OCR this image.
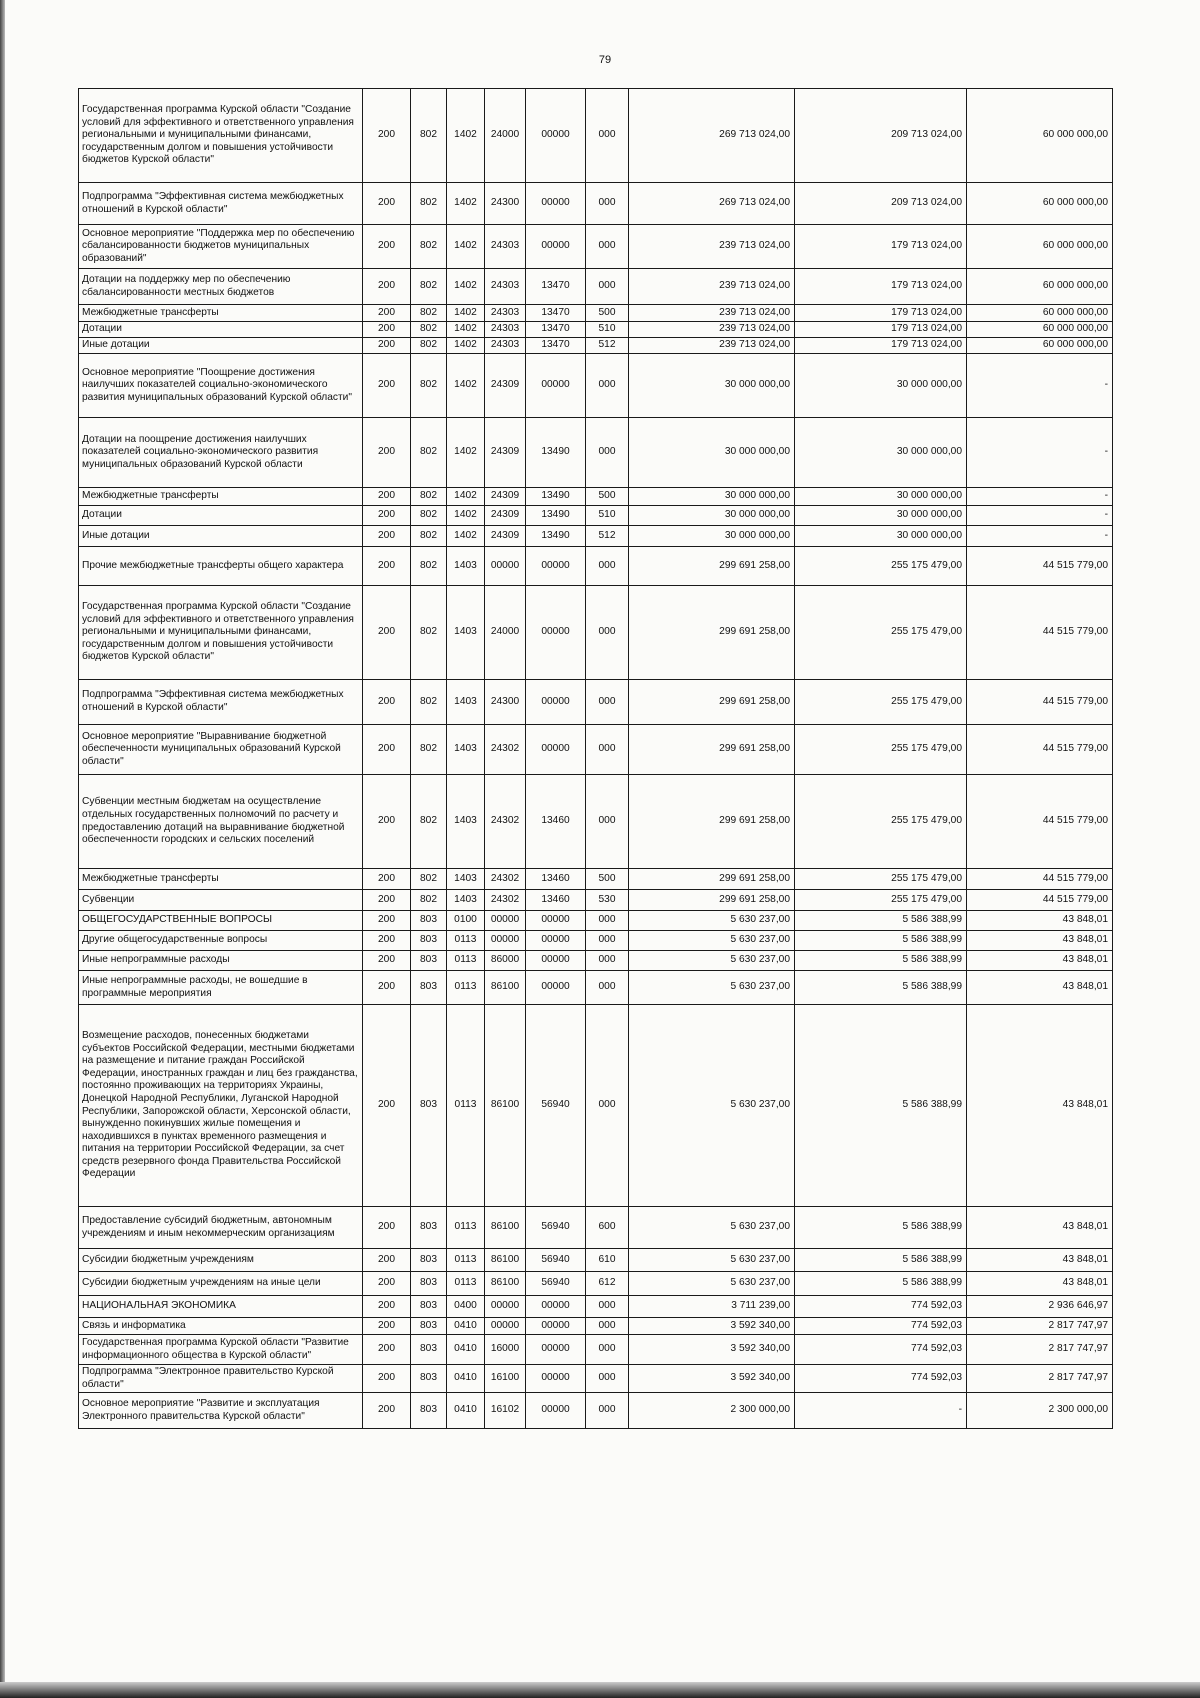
79
Государственная программа Курской области "Создание условий для эффективного и ответственного управления региональными и муниципальными финансами, государственным долгом и повышения устойчивости бюджетов Курской области"	200	802	1402	24000	00000	000	269 713 024,00	209 713 024,00	60 000 000,00
Подпрограмма "Эффективная система межбюджетных отношений в Курской области"	200	802	1402	24300	00000	000	269 713 024,00	209 713 024,00	60 000 000,00
Основное мероприятие "Поддержка мер по обеспечению сбалансированности бюджетов муниципальных образований"	200	802	1402	24303	00000	000	239 713 024,00	179 713 024,00	60 000 000,00
Дотации на поддержку мер по обеспечению сбалансированности местных бюджетов	200	802	1402	24303	13470	000	239 713 024,00	179 713 024,00	60 000 000,00
Межбюджетные трансферты	200	802	1402	24303	13470	500	239 713 024,00	179 713 024,00	60 000 000,00
Дотации	200	802	1402	24303	13470	510	239 713 024,00	179 713 024,00	60 000 000,00
Иные дотации	200	802	1402	24303	13470	512	239 713 024,00	179 713 024,00	60 000 000,00
Основное мероприятие "Поощрение достижения наилучших показателей социально-экономического развития муниципальных образований Курской области"	200	802	1402	24309	00000	000	30 000 000,00	30 000 000,00	-
Дотации на поощрение достижения наилучших показателей социально-экономического развития муниципальных образований Курской области	200	802	1402	24309	13490	000	30 000 000,00	30 000 000,00	-
Межбюджетные трансферты	200	802	1402	24309	13490	500	30 000 000,00	30 000 000,00	-
Дотации	200	802	1402	24309	13490	510	30 000 000,00	30 000 000,00	-
Иные дотации	200	802	1402	24309	13490	512	30 000 000,00	30 000 000,00	-
Прочие межбюджетные трансферты общего характера	200	802	1403	00000	00000	000	299 691 258,00	255 175 479,00	44 515 779,00
Государственная программа Курской области "Создание условий для эффективного и ответственного управления региональными и муниципальными финансами, государственным долгом и повышения устойчивости бюджетов Курской области"	200	802	1403	24000	00000	000	299 691 258,00	255 175 479,00	44 515 779,00
Подпрограмма "Эффективная система межбюджетных отношений в Курской области"	200	802	1403	24300	00000	000	299 691 258,00	255 175 479,00	44 515 779,00
Основное мероприятие "Выравнивание бюджетной обеспеченности муниципальных образований Курской области"	200	802	1403	24302	00000	000	299 691 258,00	255 175 479,00	44 515 779,00
Субвенции местным бюджетам на осуществление отдельных государственных полномочий по расчету и предоставлению дотаций на выравнивание бюджетной обеспеченности городских и сельских поселений	200	802	1403	24302	13460	000	299 691 258,00	255 175 479,00	44 515 779,00
Межбюджетные трансферты	200	802	1403	24302	13460	500	299 691 258,00	255 175 479,00	44 515 779,00
Субвенции	200	802	1403	24302	13460	530	299 691 258,00	255 175 479,00	44 515 779,00
ОБЩЕГОСУДАРСТВЕННЫЕ ВОПРОСЫ	200	803	0100	00000	00000	000	5 630 237,00	5 586 388,99	43 848,01
Другие общегосударственные вопросы	200	803	0113	00000	00000	000	5 630 237,00	5 586 388,99	43 848,01
Иные непрограммные расходы	200	803	0113	86000	00000	000	5 630 237,00	5 586 388,99	43 848,01
Иные непрограммные расходы, не вошедшие в программные мероприятия	200	803	0113	86100	00000	000	5 630 237,00	5 586 388,99	43 848,01
Возмещение расходов, понесенных бюджетами субъектов Российской Федерации, местными бюджетами на размещение и питание граждан Российской Федерации, иностранных граждан и лиц без гражданства, постоянно проживающих на территориях Украины, Донецкой Народной Республики, Луганской Народной Республики, Запорожской области, Херсонской области, вынужденно покинувших жилые помещения и находившихся в пунктах временного размещения и питания на территории Российской Федерации, за счет средств резервного фонда Правительства Российской Федерации	200	803	0113	86100	56940	000	5 630 237,00	5 586 388,99	43 848,01
Предоставление субсидий бюджетным, автономным учреждениям и иным некоммерческим организациям	200	803	0113	86100	56940	600	5 630 237,00	5 586 388,99	43 848,01
Субсидии бюджетным учреждениям	200	803	0113	86100	56940	610	5 630 237,00	5 586 388,99	43 848,01
Субсидии бюджетным учреждениям на иные цели	200	803	0113	86100	56940	612	5 630 237,00	5 586 388,99	43 848,01
НАЦИОНАЛЬНАЯ ЭКОНОМИКА	200	803	0400	00000	00000	000	3 711 239,00	774 592,03	2 936 646,97
Связь и информатика	200	803	0410	00000	00000	000	3 592 340,00	774 592,03	2 817 747,97
Государственная программа Курской области "Развитие информационного общества в Курской области"	200	803	0410	16000	00000	000	3 592 340,00	774 592,03	2 817 747,97
Подпрограмма "Электронное правительство Курской области"	200	803	0410	16100	00000	000	3 592 340,00	774 592,03	2 817 747,97
Основное мероприятие "Развитие и эксплуатация Электронного правительства Курской области"	200	803	0410	16102	00000	000	2 300 000,00	-	2 300 000,00
